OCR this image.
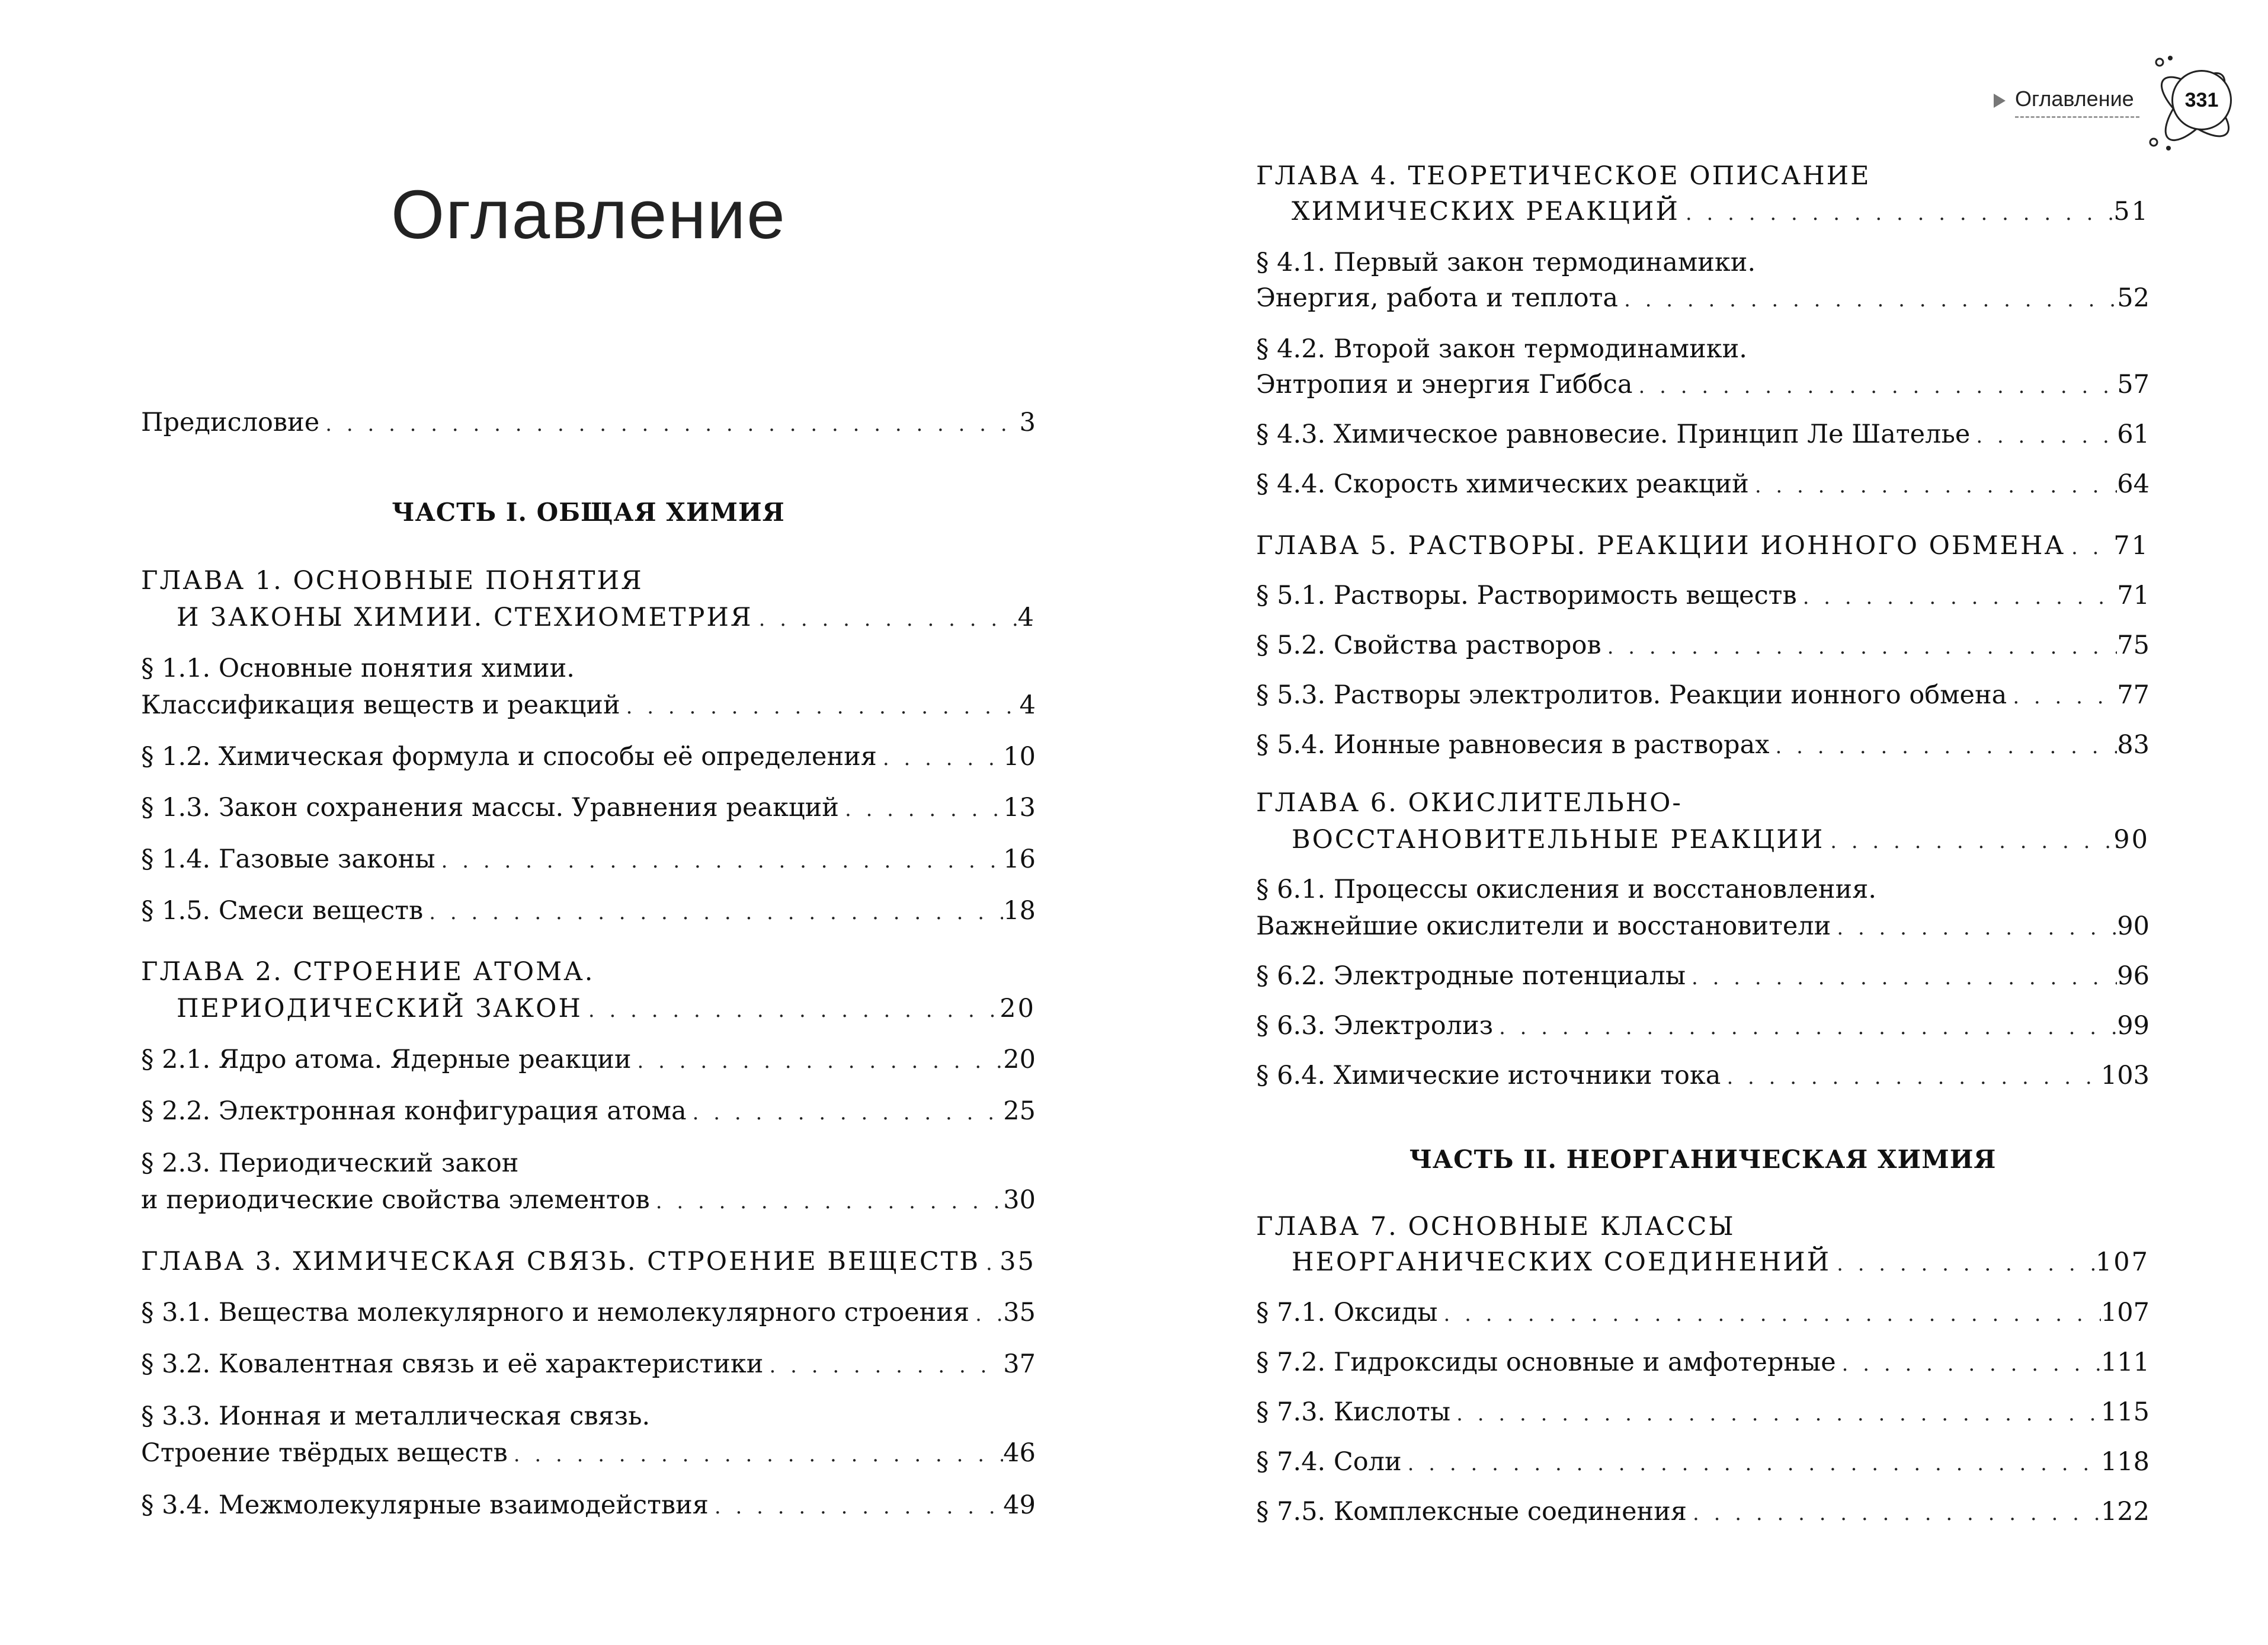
Оглавление	331
Оглавление
Предисловие . . .	3
ЧАСТЬ I. ОБЩАЯ ХИМИЯ
ГЛАВА 1. ОСНОВНЫЕ ПОНЯТИЯ
И ЗАКОНЫ ХИМИИ. СТЕХИОМЕТРИЯ . . .	4
§ 1.1. Основные понятия химии.
Классификация веществ и реакций . . .	4
§ 1.2. Химическая формула и способы её определения . . .	10
§ 1.3. Закон сохранения массы. Уравнения реакций . . .	13
§ 1.4. Газовые законы . . .	16
§ 1.5. Смеси веществ . . .	18
ГЛАВА 2. СТРОЕНИЕ АТОМА.
ПЕРИОДИЧЕСКИЙ ЗАКОН . . .	20
§ 2.1. Ядро атома. Ядерные реакции . . .	20
§ 2.2. Электронная конфигурация атома . . .	25
§ 2.3. Периодический закон
и периодические свойства элементов . . .	30
ГЛАВА 3. ХИМИЧЕСКАЯ СВЯЗЬ. СТРОЕНИЕ ВЕЩЕСТВ . . . 35
§ 3.1. Вещества молекулярного и немолекулярного строения . . . 35
§ 3.2. Ковалентная связь и её характеристики . . .	37
§ 3.3. Ионная и металлическая связь.
Строение твёрдых веществ . . .	46
§ 3.4. Межмолекулярные взаимодействия . . .	49
ГЛАВА 4. ТЕОРЕТИЧЕСКОЕ ОПИСАНИЕ
ХИМИЧЕСКИХ РЕАКЦИЙ . . .	51
§ 4.1. Первый закон термодинамики.
Энергия, работа и теплота . . .	52
§ 4.2. Второй закон термодинамики.
Энтропия и энергия Гиббса . . .	57
§ 4.3. Химическое равновесие. Принцип Ле Шателье . . .	61
§ 4.4. Скорость химических реакций . . .	64
ГЛАВА 5. РАСТВОРЫ. РЕАКЦИИ ИОННОГО ОБМЕНА . . . 71
§ 5.1. Растворы. Растворимость веществ . . .	71
§ 5.2. Свойства растворов . . .	75
§ 5.3. Растворы электролитов. Реакции ионного обмена . . .	77
§ 5.4. Ионные равновесия в растворах . . .	83
ГЛАВА 6. ОКИСЛИТЕЛЬНО-
ВОССТАНОВИТЕЛЬНЫЕ РЕАКЦИИ . . .	90
§ 6.1. Процессы окисления и восстановления.
Важнейшие окислители и восстановители . . .	90
§ 6.2. Электродные потенциалы . . .	96
§ 6.3. Электролиз . . .	99
§ 6.4. Химические источники тока . . .	103
ЧАСТЬ II. НЕОРГАНИЧЕСКАЯ ХИМИЯ
ГЛАВА 7. ОСНОВНЫЕ КЛАССЫ
НЕОРГАНИЧЕСКИХ СОЕДИНЕНИЙ . . .	107
§ 7.1. Оксиды . . .	107
§ 7.2. Гидроксиды основные и амфотерные . . .	111
§ 7.3. Кислоты . . .	115
§ 7.4. Соли . . .	118
§ 7.5. Комплексные соединения . . .	122
